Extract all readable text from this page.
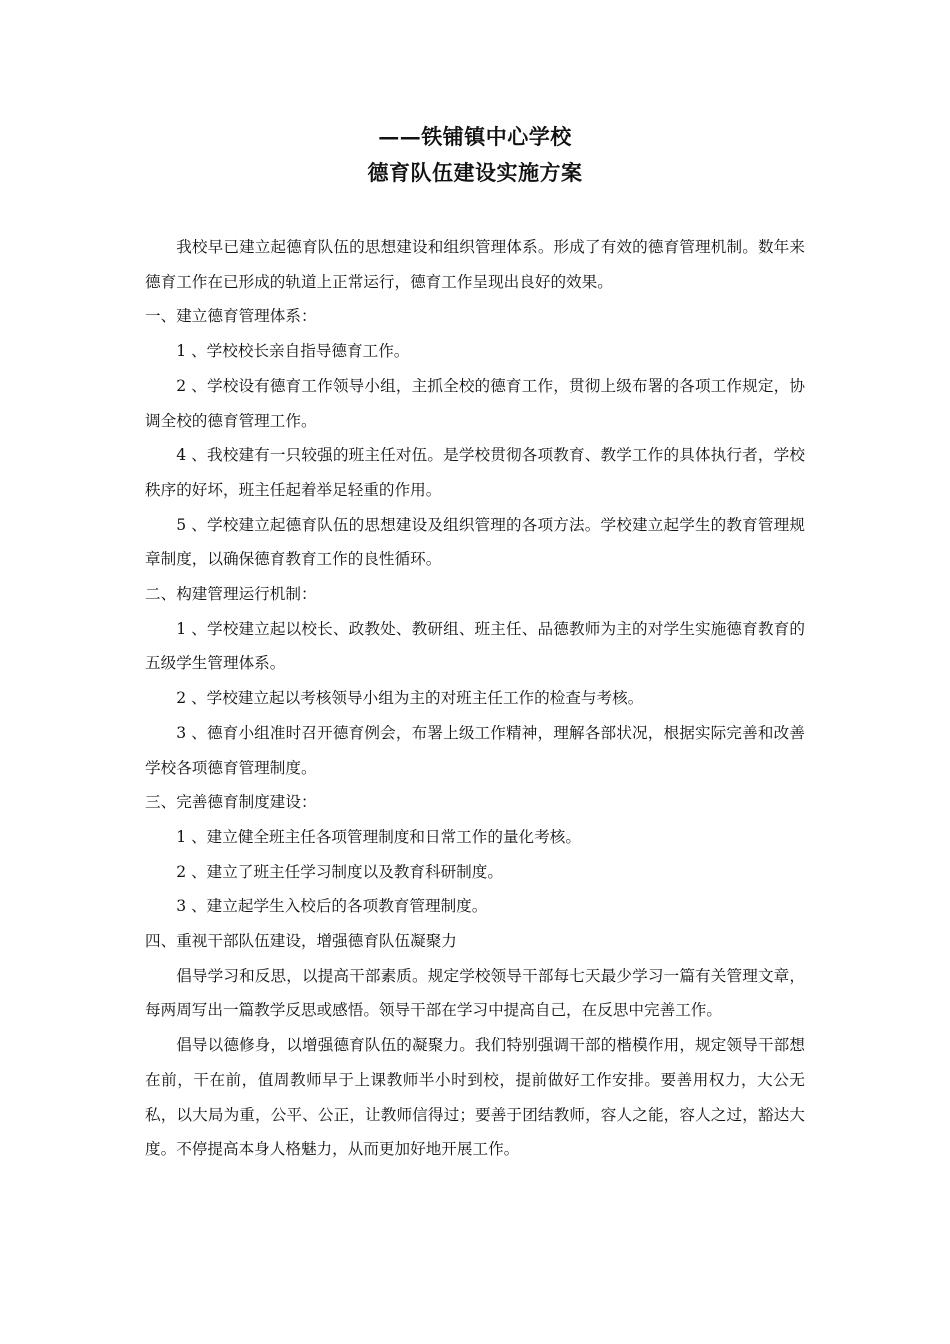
——铁铺镇中心学校
德育队伍建设实施方案

我校早已建立起德育队伍的思想建设和组织管理体系。形成了有效的德育管理机制。数年来德育工作在已形成的轨道上正常运行，德育工作呈现出良好的效果。

一、建立德育管理体系：

1 、学校校长亲自指导德育工作。

2 、学校设有德育工作领导小组，主抓全校的德育工作，贯彻上级布署的各项工作规定，协调全校的德育管理工作。

4 、我校建有一只较强的班主任对伍。是学校贯彻各项教育、教学工作的具体执行者，学校秩序的好坏，班主任起着举足轻重的作用。

5 、学校建立起德育队伍的思想建设及组织管理的各项方法。学校建立起学生的教育管理规章制度，以确保德育教育工作的良性循环。

二、构建管理运行机制：

1 、学校建立起以校长、政教处、教研组、班主任、品德教师为主的对学生实施德育教育的五级学生管理体系。

2 、学校建立起以考核领导小组为主的对班主任工作的检查与考核。

3 、德育小组准时召开德育例会，布署上级工作精神，理解各部状况，根据实际完善和改善学校各项德育管理制度。

三、完善德育制度建设：

1 、建立健全班主任各项管理制度和日常工作的量化考核。

2 、建立了班主任学习制度以及教育科研制度。

3 、建立起学生入校后的各项教育管理制度。

四、重视干部队伍建设，增强德育队伍凝聚力

倡导学习和反思，以提高干部素质。规定学校领导干部每七天最少学习一篇有关管理文章，每两周写出一篇教学反思或感悟。领导干部在学习中提高自己，在反思中完善工作。

倡导以德修身，以增强德育队伍的凝聚力。我们特别强调干部的楷模作用，规定领导干部想在前，干在前，值周教师早于上课教师半小时到校，提前做好工作安排。要善用权力，大公无私，以大局为重，公平、公正，让教师信得过；要善于团结教师，容人之能，容人之过，豁达大度。不停提高本身人格魅力，从而更加好地开展工作。
